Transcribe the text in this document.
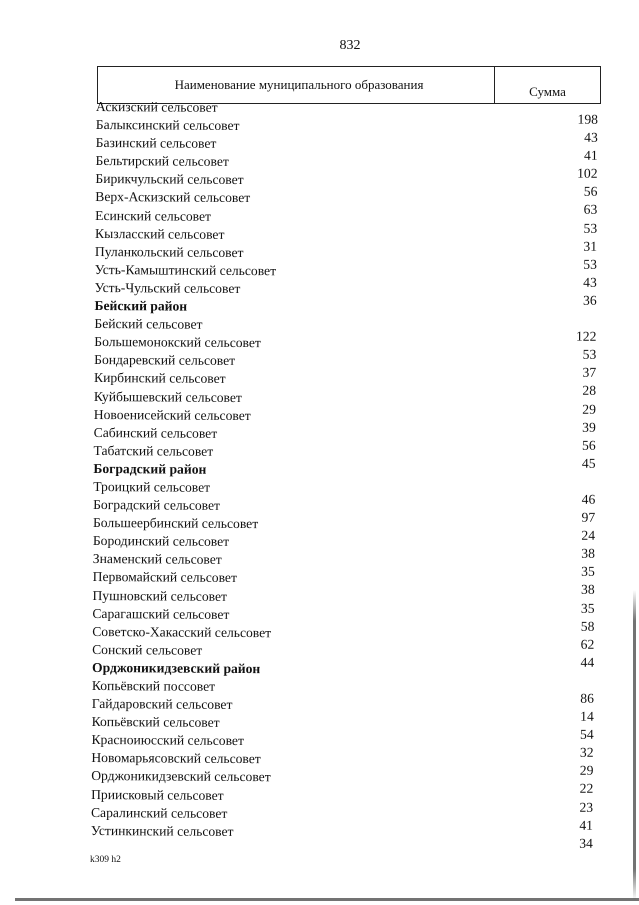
832
Наименование муниципального образования	Сумма
Аскизский сельсовет
Балыксинский сельсовет
Базинский сельсовет
Бельтирский сельсовет
Бирикчульский сельсовет
Верх-Аскизский сельсовет
Есинский сельсовет
Кызласский сельсовет
Пуланкольский сельсовет
Усть-Камыштинский сельсовет
Усть-Чульский сельсовет
Бейский район
Бейский сельсовет
Большемонокский сельсовет
Бондаревский сельсовет
Кирбинский сельсовет
Куйбышевский сельсовет
Новоенисейский сельсовет
Сабинский сельсовет
Табатский сельсовет
Боградский район
Троицкий сельсовет
Боградский сельсовет
Большеербинский сельсовет
Бородинский сельсовет
Знаменский сельсовет
Первомайский сельсовет
Пушновский сельсовет
Сарагашский сельсовет
Советско-Хакасский сельсовет
Сонский сельсовет
Орджоникидзевский район
Копьёвский поссовет
Гайдаровский сельсовет
Копьёвский сельсовет
Красноиюсский сельсовет
Новомарьясовский сельсовет
Орджоникидзевский сельсовет
Приисковый сельсовет
Саралинский сельсовет
Устинкинский сельсовет
198
43
41
102
56
63
53
31
53
43
36
122
53
37
28
29
39
56
45
46
97
24
38
35
38
35
58
62
44
86
14
54
32
29
22
23
41
34
k309 h2
